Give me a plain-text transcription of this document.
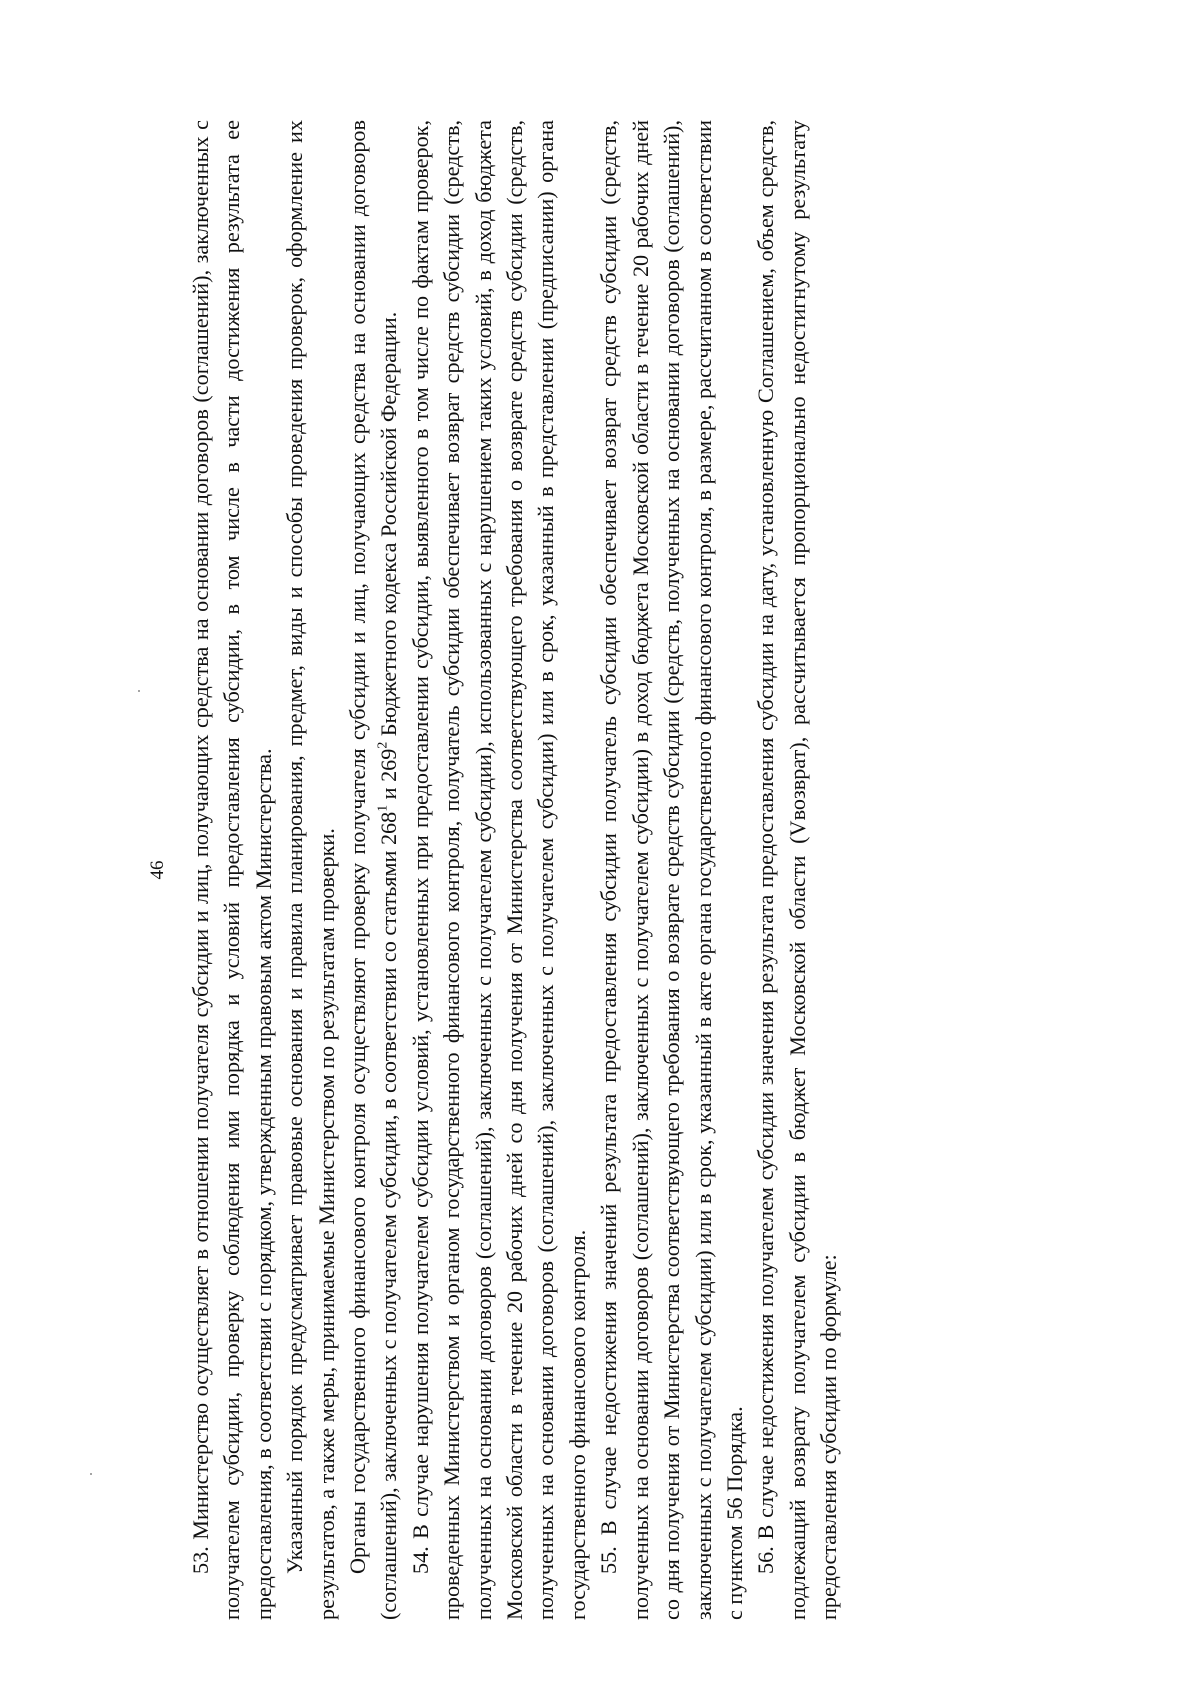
46 53. Министерство осуществляет в отношении получателя субсидии и лиц, получающих средства на основании договоров (соглашений), заключенных с получателем субсидии, проверку соблюдения ими порядка и условий предоставления субсидии, в том числе в части достижения результата ее предоставления, в соответствии с порядком, утвержденным правовым актом Министерства. Указанный порядок предусматривает правовые основания и правила планирования, предмет, виды и способы проведения проверок, оформление их результатов, а также меры, принимаемые Министерством по результатам проверки. Органы государственного финансового контроля осуществляют проверку получателя субсидии и лиц, получающих средства на основании договоров (соглашений), заключенных с получателем субсидии, в соответствии со статьями $268^1$ и $269^2$ Бюджетного кодекса Российской Федерации. 54. В случае нарушения получателем субсидии условий, установленных при предоставлении субсидии, выявленного в том числе по фактам проверок, проведенных Министерством и органом государственного финансового контроля, получатель субсидии обеспечивает возврат средств субсидии (средств, полученных на основании договоров (соглашений), заключенных с получателем субсидии), использованных с нарушением таких условий, в доход бюджета Московской области в течение 20 рабочих дней со дня получения от Министерства соответствующего требования о возврате средств субсидии (средств, полученных на основании договоров (соглашений), заключенных с получателем субсидии) или в срок, указанный в представлении (предписании) органа государственного финансового контроля. 55. В случае недостижения значений результата предоставления субсидии получатель субсидии обеспечивает возврат средств субсидии (средств, полученных на основании договоров (соглашений), заключенных с получателем субсидии) в доход бюджета Московской области в течение 20 рабочих дней со дня получения от Министерства соответствующего требования о возврате средств субсидии (средств, полученных на основании договоров (соглашений), заключенных с получателем субсидии) или в срок, указанный в акте органа государственного финансового контроля, в размере, рассчитанном в соответствии с пунктом 56 Порядка. 56. В случае недостижения получателем субсидии значения результата предоставления субсидии на дату, установленную Соглашением, объем средств, подлежащий возврату получателем субсидии в бюджет Московской области (Vвозврат), рассчитывается пропорционально недостигнутому результату предоставления субсидии по формуле:
